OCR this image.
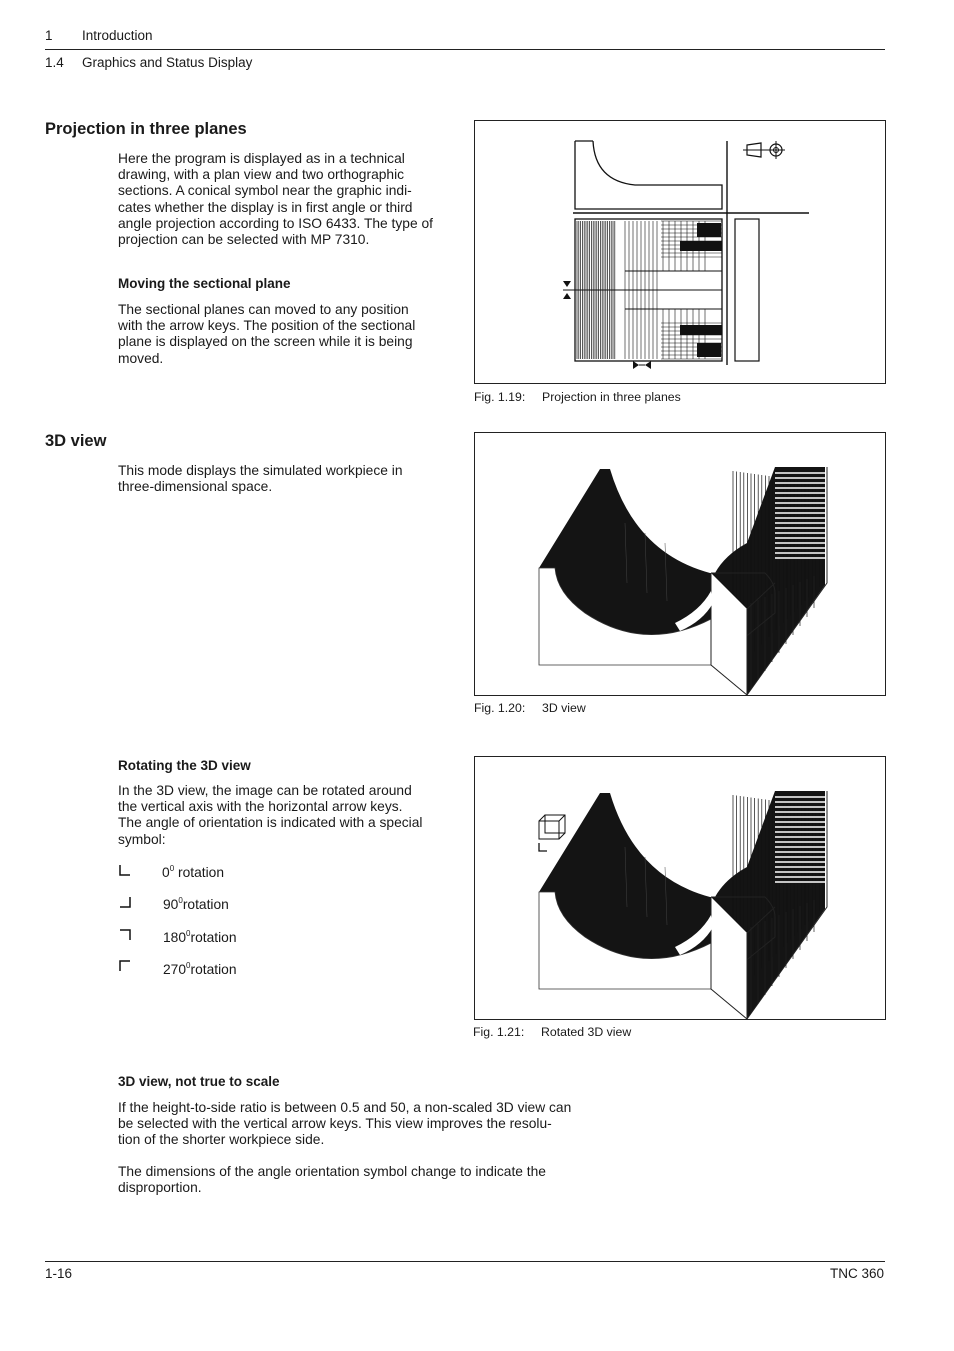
1 Introduction
1.4 Graphics and Status Display
Projection in three planes
Here the program is displayed as in a technical
drawing, with a plan view and two orthographic
sections. A conical symbol near the graphic indi-
cates whether the display is in first angle or third
angle projection according to ISO 6433. The type of
projection can be selected with MP 7310.
Moving the sectional plane
The sectional planes can moved to any position
with the arrow keys. The position of the sectional
plane is displayed on the screen while it is being
moved.
Fig. 1.19: Projection in three planes
3D view
This mode displays the simulated workpiece in
three-dimensional space.
Fig. 1.20: 3D view
Rotating the 3D view
In the 3D view, the image can be rotated around
the vertical axis with the horizontal arrow keys.
The angle of orientation is indicated with a special
symbol:
$0^0$ rotation
$90^0rotation$
$180^0rotation$
$270^0rotation$
Fig. 1.21: Rotated 3D view
3D view, not true to scale
If the height-to-side ratio is between 0.5 and 50, a non-scaled 3D view can
be selected with the vertical arrow keys. This view improves the resolu-
tion of the shorter workpiece side.
The dimensions of the angle orientation symbol change to indicate the
disproportion.
1-16	TNC 360
